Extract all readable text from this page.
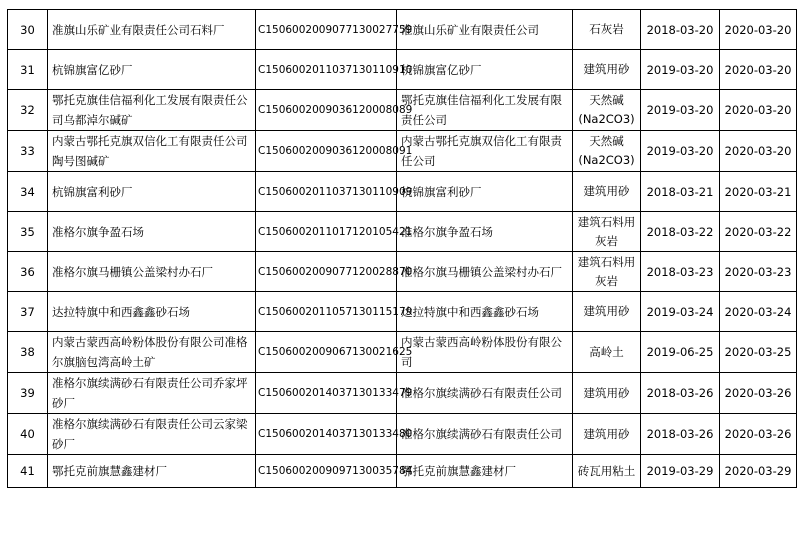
30	准旗山乐矿业有限责任公司石料厂	C1506002009077130027759	准旗山乐矿业有限责任公司	石灰岩	2018-03-20	2020-03-20
31	杭锦旗富亿砂厂	C1506002011037130110910	杭锦旗富亿砂厂	建筑用砂	2019-03-20	2020-03-20
32	鄂托克旗佳信福利化工发展有限责任公司乌都淖尔碱矿	C1506002009036120008089	鄂托克旗佳信福利化工发展有限责任公司	天然碱 (Na2CO3)	2019-03-20	2020-03-20
33	内蒙古鄂托克旗双信化工有限责任公司陶号图碱矿	C1506002009036120008091	内蒙古鄂托克旗双信化工有限责任公司	天然碱 (Na2CO3)	2019-03-20	2020-03-20
34	杭锦旗富利砂厂	C1506002011037130110909	杭锦旗富利砂厂	建筑用砂	2018-03-21	2020-03-21
35	准格尔旗争盈石场	C1506002011017120105421	准格尔旗争盈石场	建筑石料用灰岩	2018-03-22	2020-03-22
36	准格尔旗马栅镇公盖梁村办石厂	C1506002009077120028870	准格尔旗马栅镇公盖梁村办石厂	建筑石料用灰岩	2018-03-23	2020-03-23
37	达拉特旗中和西鑫鑫砂石场	C1506002011057130115179	达拉特旗中和西鑫鑫砂石场	建筑用砂	2019-03-24	2020-03-24
38	内蒙古蒙西高岭粉体股份有限公司准格尔旗脑包湾高岭土矿	C1506002009067130021625	内蒙古蒙西高岭粉体股份有限公司	高岭土	2019-06-25	2020-03-25
39	准格尔旗续满砂石有限责任公司乔家坪砂厂	C1506002014037130133479	准格尔旗续满砂石有限责任公司	建筑用砂	2018-03-26	2020-03-26
40	准格尔旗续满砂石有限责任公司云家梁砂厂	C1506002014037130133480	准格尔旗续满砂石有限责任公司	建筑用砂	2018-03-26	2020-03-26
41	鄂托克前旗慧鑫建材厂	C1506002009097130035784	鄂托克前旗慧鑫建材厂	砖瓦用粘土	2019-03-29	2020-03-29
